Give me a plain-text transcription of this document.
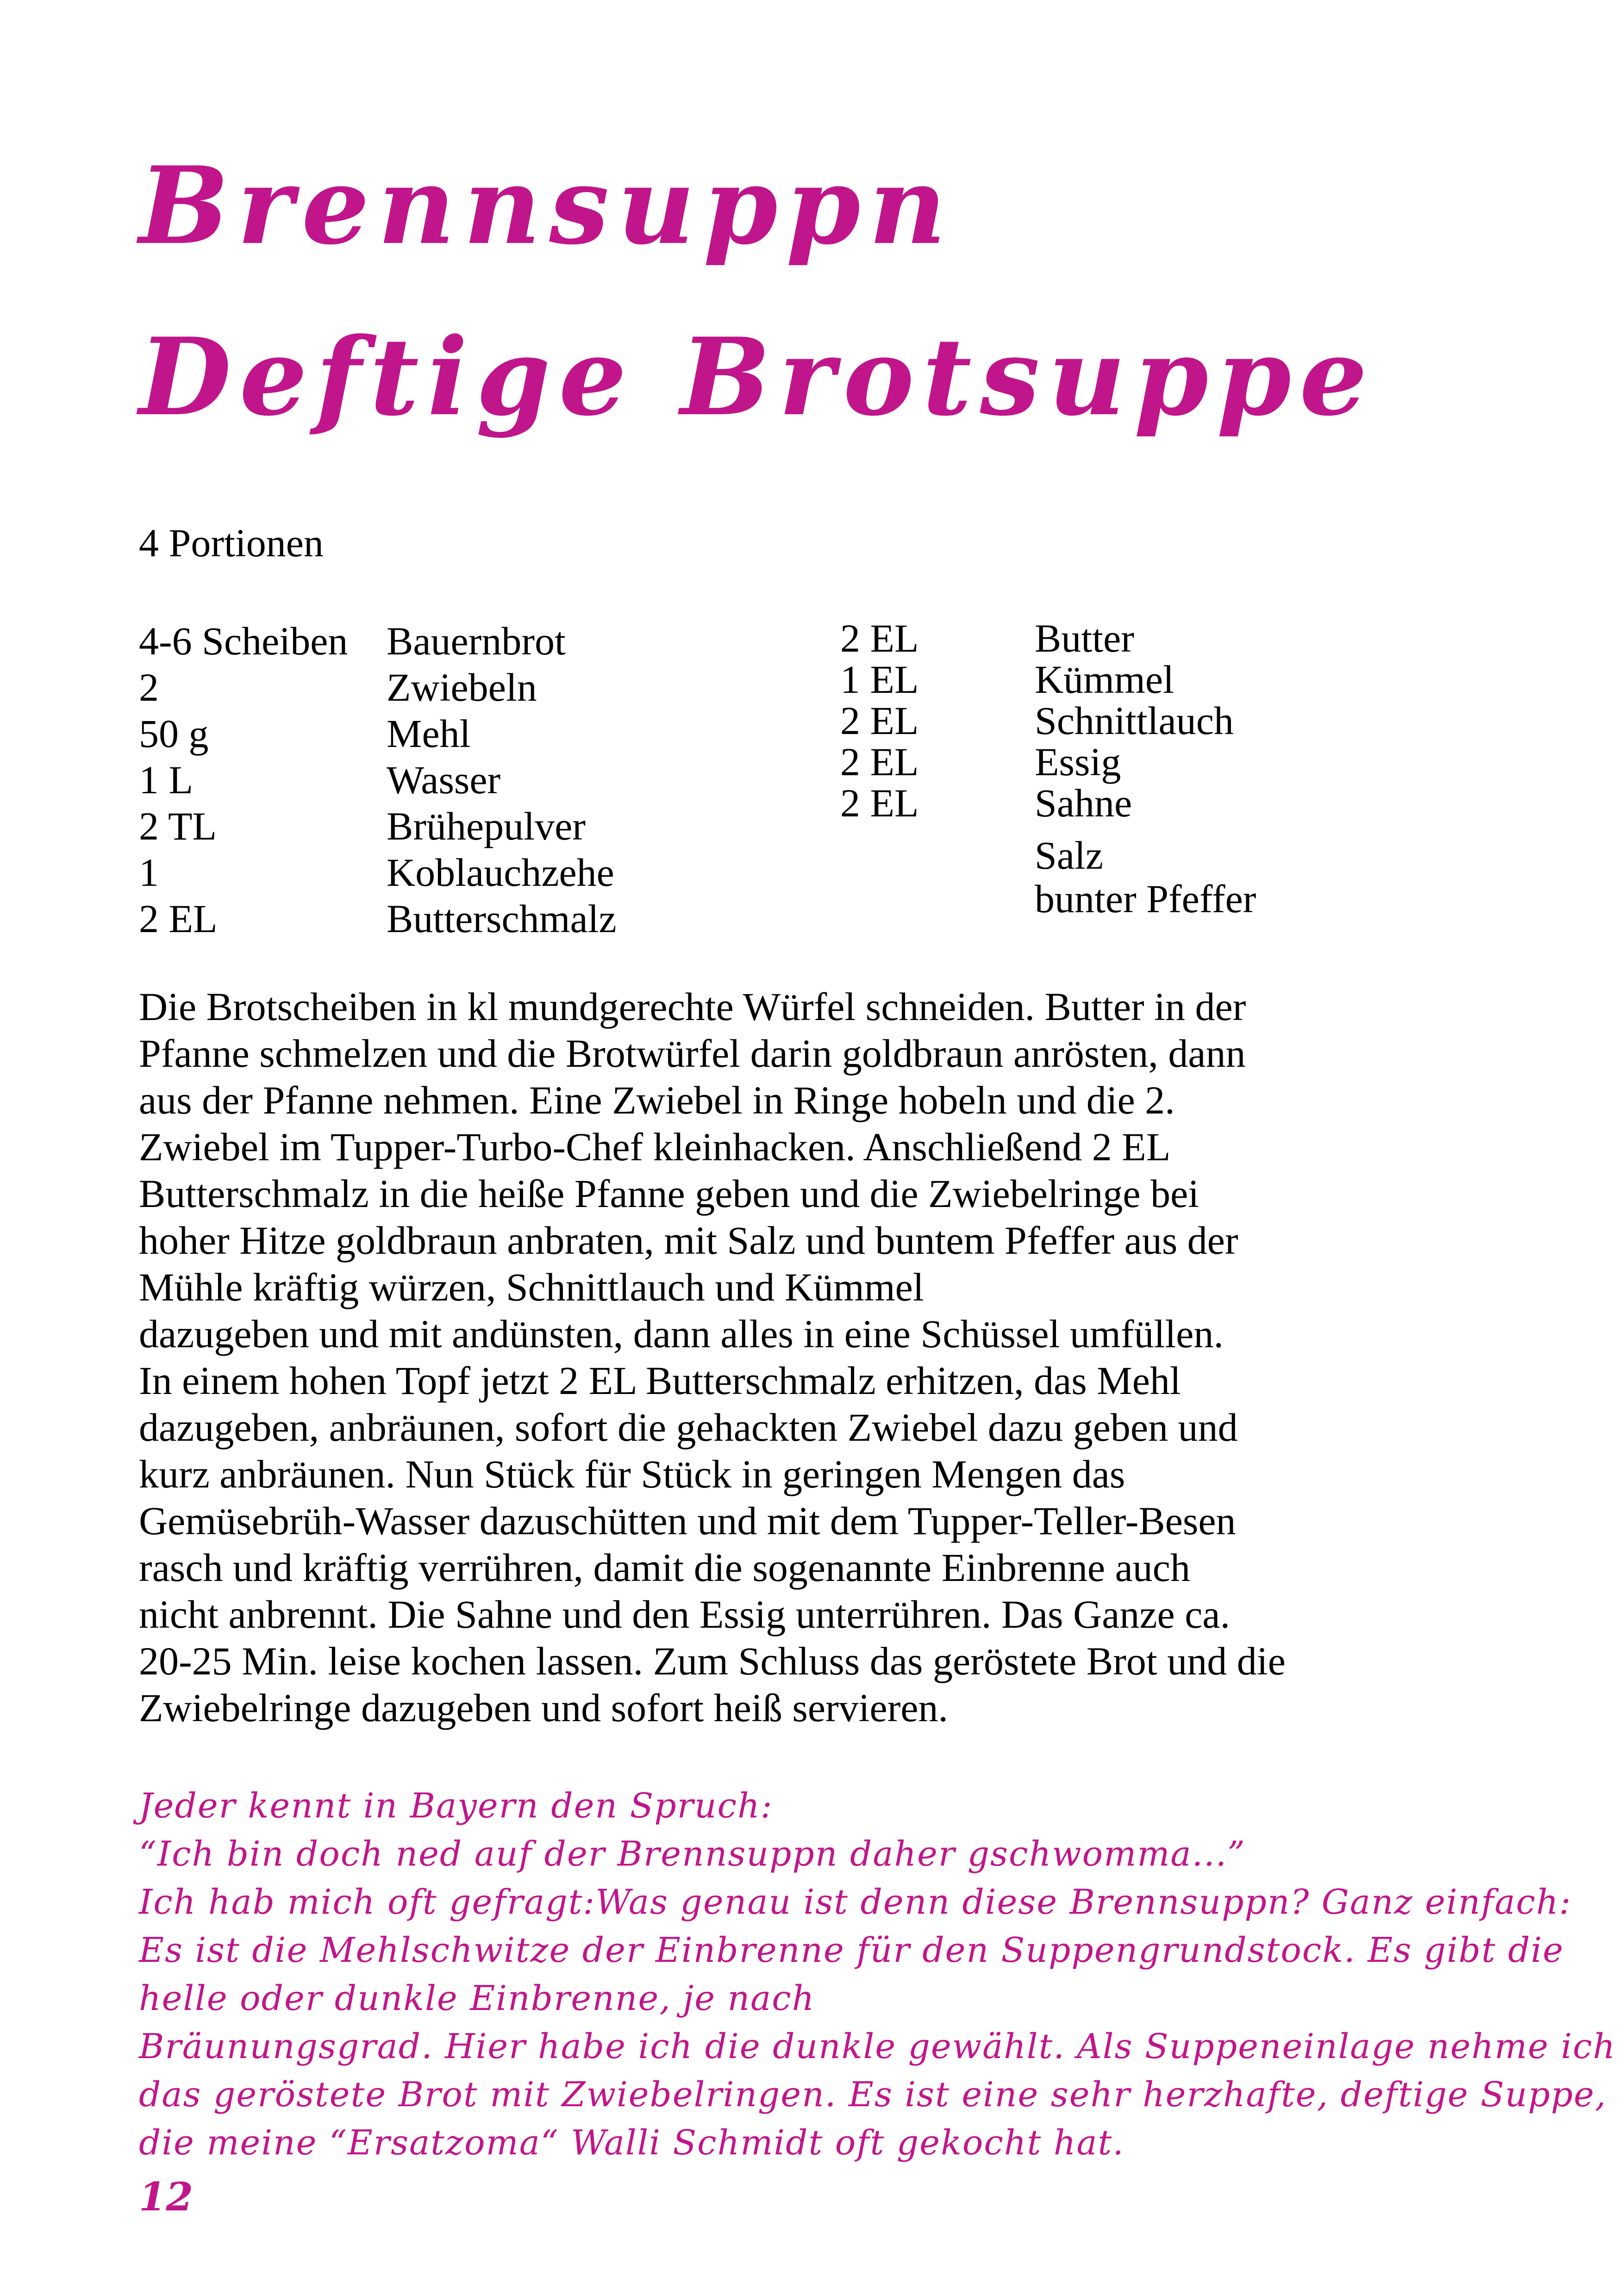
Brennsuppn
Deftige Brotsuppe
4 Portionen
4-6 Scheiben Bauernbrot
2	Zwiebeln
50 g	Mehl
1 L	Wasser
2 TL	Brühepulver
1	Koblauchzehe
2 EL	Butterschmalz
2 EL	Butter
1 EL	Kümmel
2 EL	Schnittlauch
2 EL	Essig
2 EL	Sahne
Salz
bunter Pfeffer

Die Brotscheiben in kl mundgerechte Würfel schneiden. Butter in der
Pfanne schmelzen und die Brotwürfel darin goldbraun anrösten, dann
aus der Pfanne nehmen. Eine Zwiebel in Ringe hobeln und die 2.
Zwiebel im Tupper-Turbo-Chef kleinhacken. Anschließend 2 EL
Butterschmalz in die heiße Pfanne geben und die Zwiebelringe bei
hoher Hitze goldbraun anbraten, mit Salz und buntem Pfeffer aus der
Mühle kräftig würzen, Schnittlauch und Kümmel
dazugeben und mit andünsten, dann alles in eine Schüssel umfüllen.
In einem hohen Topf jetzt 2 EL Butterschmalz erhitzen, das Mehl
dazugeben, anbräunen, sofort die gehackten Zwiebel dazu geben und
kurz anbräunen. Nun Stück für Stück in geringen Mengen das
Gemüsebrüh-Wasser dazuschütten und mit dem Tupper-Teller-Besen
rasch und kräftig verrühren, damit die sogenannte Einbrenne auch
nicht anbrennt. Die Sahne und den Essig unterrühren. Das Ganze ca.
20-25 Min. leise kochen lassen. Zum Schluss das geröstete Brot und die
Zwiebelringe dazugeben und sofort heiß servieren.

Jeder kennt in Bayern den Spruch:
“Ich bin doch ned auf der Brennsuppn daher gschwomma...”
Ich hab mich oft gefragt:Was genau ist denn diese Brennsuppn? Ganz einfach:
Es ist die Mehlschwitze der Einbrenne für den Suppengrundstock. Es gibt die
helle oder dunkle Einbrenne, je nach
Bräunungsgrad. Hier habe ich die dunkle gewählt. Als Suppeneinlage nehme ich
das geröstete Brot mit Zwiebelringen. Es ist eine sehr herzhafte, deftige Suppe,
die meine “Ersatzoma“ Walli Schmidt oft gekocht hat.

12
